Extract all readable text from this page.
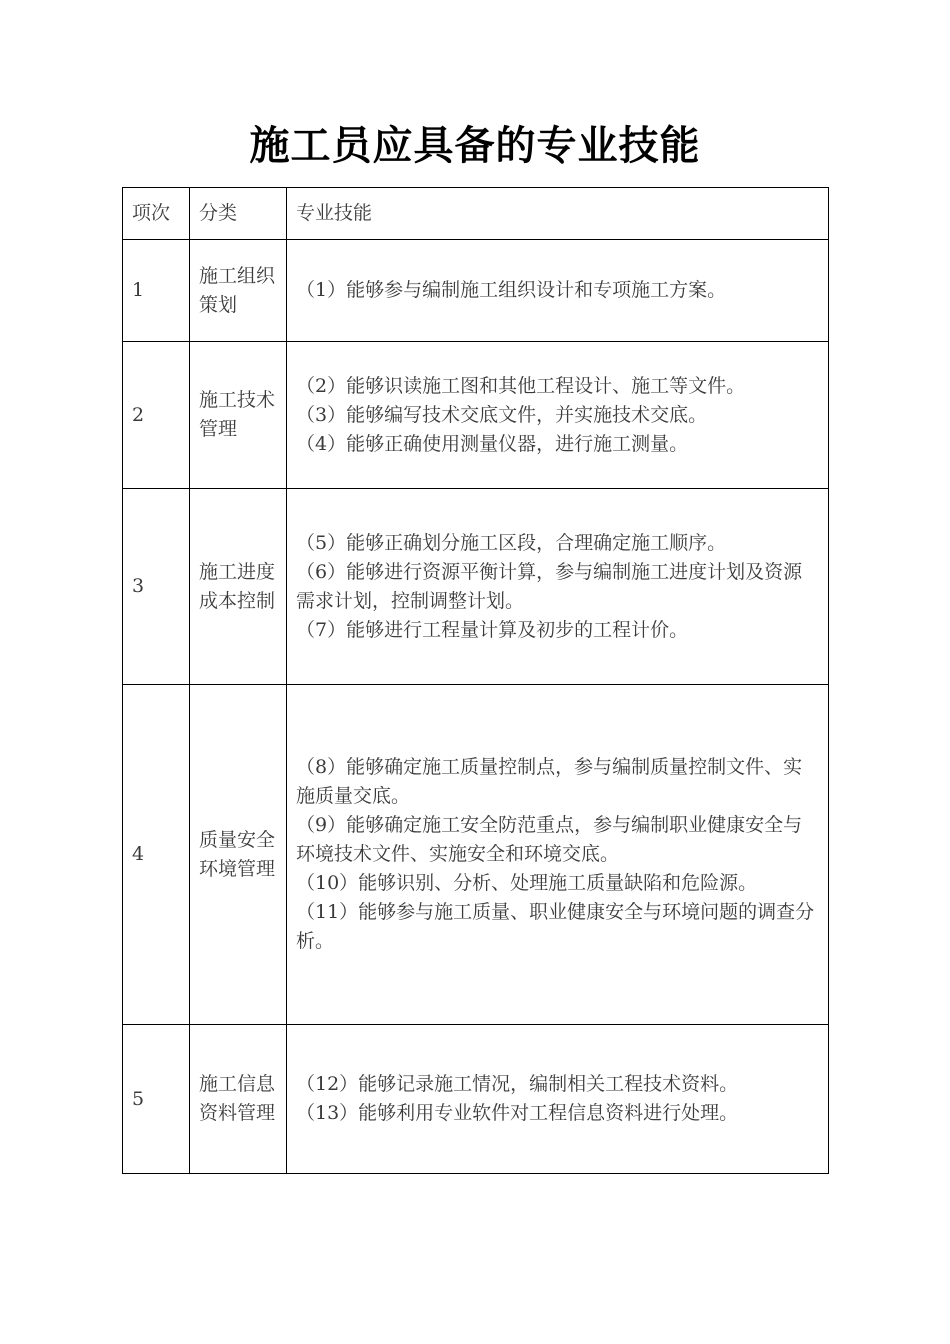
施工员应具备的专业技能
项次	分类	专业技能
1	施工组织策划	（1）能够参与编制施工组织设计和专项施工方案。

2	施工技术管理	（2）能够识读施工图和其他工程设计、施工等文件。
（3）能够编写技术交底文件，并实施技术交底。
（4）能够正确使用测量仪器，进行施工测量。

3	施工进度成本控制	（5）能够正确划分施工区段，合理确定施工顺序。
（6）能够进行资源平衡计算，参与编制施工进度计划及资源需求计划，控制调整计划。
（7）能够进行工程量计算及初步的工程计价。

4	质量安全环境管理	（8）能够确定施工质量控制点，参与编制质量控制文件、实施质量交底。
（9）能够确定施工安全防范重点，参与编制职业健康安全与环境技术文件、实施安全和环境交底。
（10）能够识别、分析、处理施工质量缺陷和危险源。
（11）能够参与施工质量、职业健康安全与环境问题的调查分析。

5	施工信息资料管理	（12）能够记录施工情况，编制相关工程技术资料。
（13）能够利用专业软件对工程信息资料进行处理。
